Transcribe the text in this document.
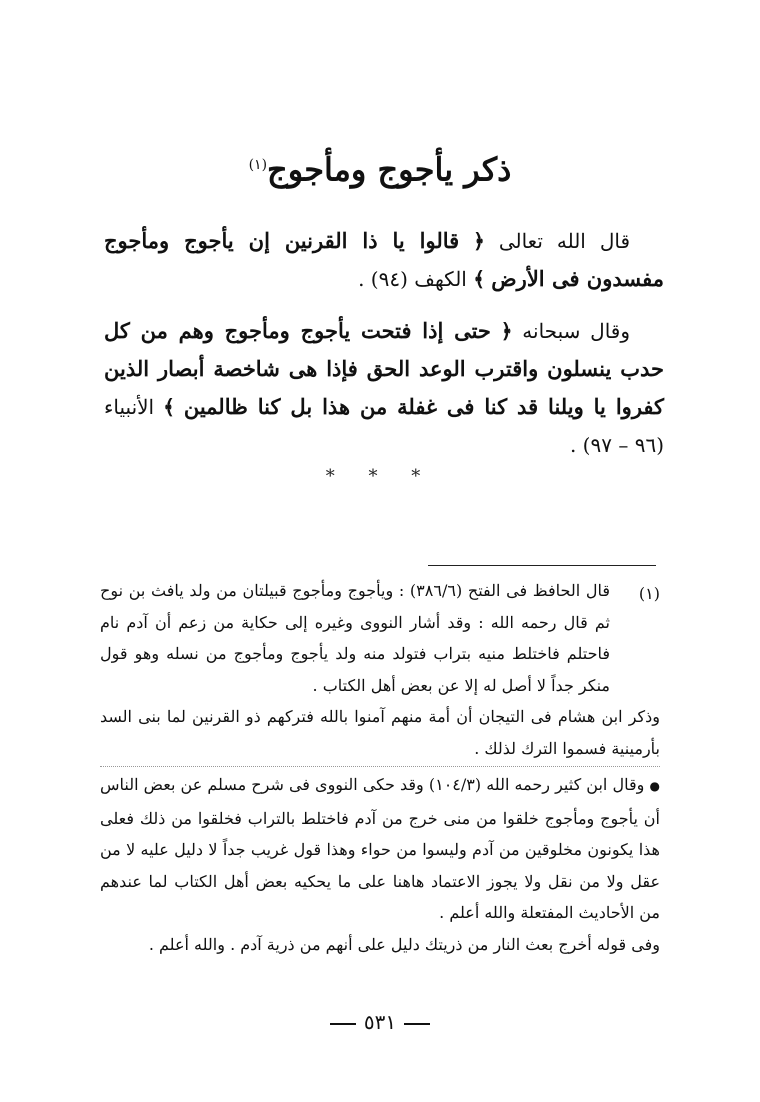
ذكر يأجوج ومأجوج$^{(١)}$

قال الله تعالى ﴿ قالوا يا ذا القرنين إن يأجوج ومأجوج مفسدون فى الأرض ﴾ الكهف (٩٤) .

وقال سبحانه ﴿ حتى إذا فتحت يأجوج ومأجوج وهم من كل حدب ينسلون واقترب الوعد الحق فإذا هى شاخصة أبصار الذين كفروا يا ويلنا قد كنا فى غفلة من هذا بل كنا ظالمين ﴾ الأنبياء (٩٦ – ٩٧) .

* * *
(١)

قال الحافظ فى الفتح (٣٨٦/٦) : ويأجوج ومأجوج قبيلتان من ولد يافث بن نوح ثم قال رحمه الله : وقد أشار النووى وغيره إلى حكاية من زعم أن آدم نام فاحتلم فاختلط منيه بتراب فتولد منه ولد يأجوج ومأجوج من نسله وهو قول منكر جداً لا أصل له إلا عن بعض أهل الكتاب .

وذكر ابن هشام فى التيجان أن أمة منهم آمنوا بالله فتركهم ذو القرنين لما بنى السد بأرمينية فسموا الترك لذلك .

● وقال ابن كثير رحمه الله (١٠٤/٣) وقد حكى النووى فى شرح مسلم عن بعض الناس أن يأجوج ومأجوج خلقوا من منى خرج من آدم فاختلط بالتراب فخلقوا من ذلك فعلى هذا يكونون مخلوقين من آدم وليسوا من حواء وهذا قول غريب جداً لا دليل عليه لا من عقل ولا من نقل ولا يجوز الاعتماد هاهنا على ما يحكيه بعض أهل الكتاب لما عندهم من الأحاديث المفتعلة والله أعلم .

وفى قوله أخرج بعث النار من ذريتك دليل على أنهم من ذرية آدم . والله أعلم .

٥٣١
